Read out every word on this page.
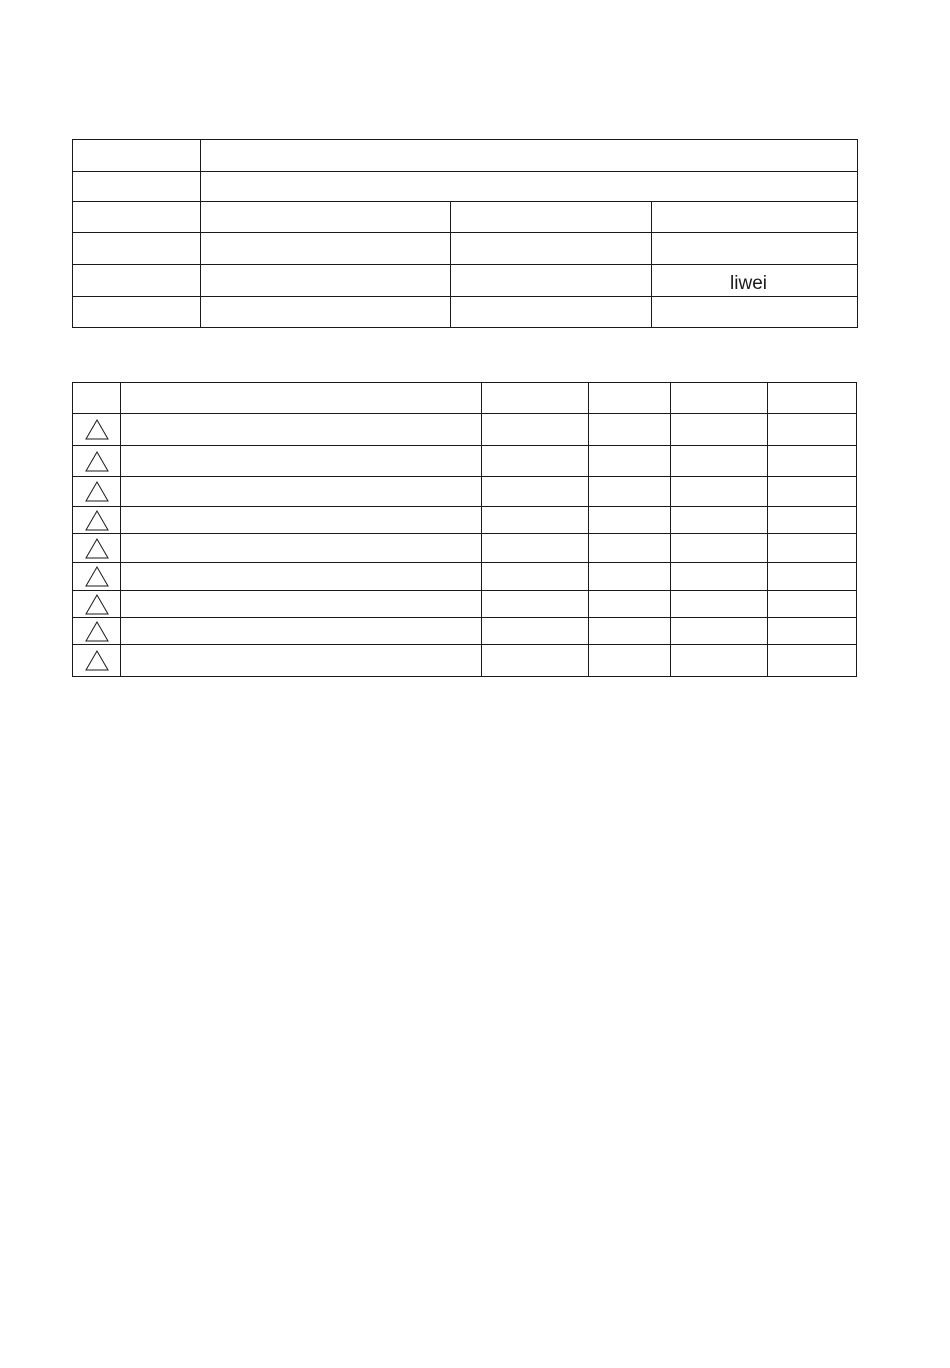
			liwei
